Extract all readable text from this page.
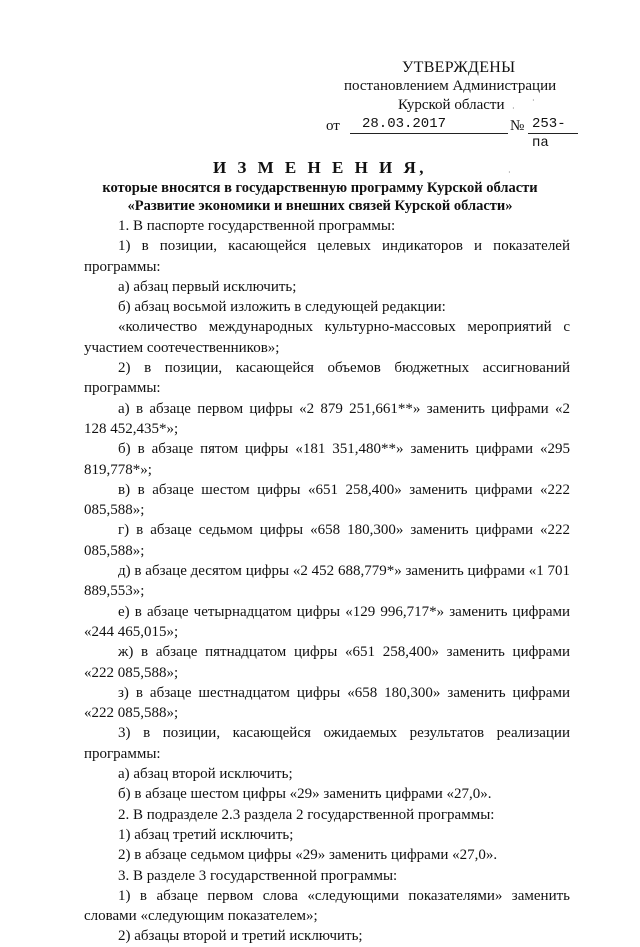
УТВЕРЖДЕНЫ
постановлением Администрации
Курской области
от 28.03.2017	№ 253-па
И З М Е Н Е Н И Я,
которые вносятся в государственную программу Курской области
«Развитие экономики и внешних связей Курской области»

1. В паспорте государственной программы:

1) в позиции, касающейся целевых индикаторов и показателей программы:

а) абзац первый исключить;

б) абзац восьмой изложить в следующей редакции:

«количество международных культурно-массовых мероприятий с участием соотечественников»;

2) в позиции, касающейся объемов бюджетных ассигнований программы:

а) в абзаце первом цифры «2 879 251,661**» заменить цифрами «2 128 452,435*»;

б) в абзаце пятом цифры «181 351,480**» заменить цифрами «295 819,778*»;

в) в абзаце шестом цифры «651 258,400» заменить цифрами «222 085,588»;

г) в абзаце седьмом цифры «658 180,300» заменить цифрами «222 085,588»;

д) в абзаце десятом цифры «2 452 688,779*» заменить цифрами «1 701 889,553»;

е) в абзаце четырнадцатом цифры «129 996,717*» заменить цифрами «244 465,015»;

ж) в абзаце пятнадцатом цифры «651 258,400» заменить цифрами «222 085,588»;

з) в абзаце шестнадцатом цифры «658 180,300» заменить цифрами «222 085,588»;

3) в позиции, касающейся ожидаемых результатов реализации программы:

а) абзац второй исключить;

б) в абзаце шестом цифры «29» заменить цифрами «27,0».

2. В подразделе 2.3 раздела 2 государственной программы:

1) абзац третий исключить;

2) в абзаце седьмом цифры «29» заменить цифрами «27,0».

3. В разделе 3 государственной программы:

1) в абзаце первом слова «следующими показателями» заменить словами «следующим показателем»;

2) абзацы второй и третий исключить;

·
·
·
